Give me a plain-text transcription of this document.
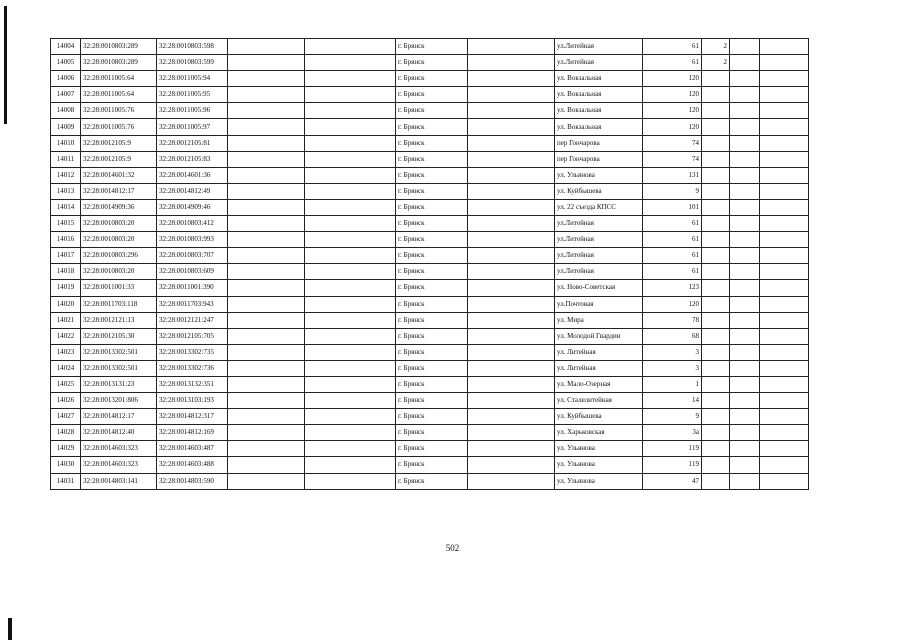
14004	32:28:0010803:289	32:28:0010803:598			г. Брянск		ул.Литейная	61	2		
14005	32:28:0010803:289	32:28:0010803:599			г. Брянск		ул.Литейная	61	2		
14006	32:28:0011005:64	32:28:0011005:94			г. Брянск		ул. Вокзальная	120			
14007	32:28:0011005:64	32:28:0011005:95			г. Брянск		ул. Вокзальная	120			
14008	32:28:0011005:76	32:28:0011005:96			г. Брянск		ул. Вокзальная	120			
14009	32:28:0011005:76	32:28:0011005:97			г. Брянск		ул. Вокзальная	120			
14010	32:28:0012105:9	32:28:0012105:81			г. Брянск		пер Гончарова	74			
14011	32:28:0012105:9	32:28:0012105:83			г. Брянск		пер Гончарова	74			
14012	32:28:0014601:32	32:28:0014601:36			г. Брянск		ул. Ульянова	131			
14013	32:28:0014812:17	32:28:0014812:49			г. Брянск		ул. Куйбышева	9			
14014	32:28:0014909:36	32:28:0014909:46			г. Брянск		ул. 22 съезда КПСС	101			
14015	32:28:0010803:20	32:28:0010803:412			г. Брянск		ул.Литейная	61			
14016	32:28:0010803:20	32:28:0010803:993			г. Брянск		ул.Литейная	61			
14017	32:28:0010803:296	32:28:0010803:707			г. Брянск		ул.Литейная	61			
14018	32:28:0010803:20	32:28:0010803:609			г. Брянск		ул.Литейная	61			
14019	32:28:0011001:33	32:28:0011001:390			г. Брянск		ул. Ново-Советская	123			
14020	32:28:0011703:118	32:28:0011703:943			г. Брянск		ул.Почтовая	120			
14021	32:28:0012121:13	32:28:0012121:247			г. Брянск		ул. Мира	78			
14022	32:28:0012105:30	32:28:0012105:705			г. Брянск		ул. Молодой Гвардии	68			
14023	32:28:0013302:501	32:28:0013302:735			г. Брянск		ул. Литейная	3			
14024	32:28:0013302:501	32:28:0013302:736			г. Брянск		ул. Литейная	3			
14025	32:28:0013131:23	32:28:0013132:351			г. Брянск		ул. Мало-Озерная	1			
14026	32:28:0013201:806	32:28:0013103:193			г. Брянск		ул. Сталелитейная	14			
14027	32:28:0014812:17	32:28:0014812:317			г. Брянск		ул. Куйбышева	9			
14028	32:28:0014812:40	32:28:0014812:169			г. Брянск		ул. Харьковская	3а			
14029	32:28:0014603:323	32:28:0014603:487			г. Брянск		ул. Ульянова	119			
14030	32:28:0014603:323	32:28:0014603:488			г. Брянск		ул. Ульянова	119			
14031	32:28:0014803:141	32:28:0014803:590			г. Брянск		ул. Ульянова	47			
502
